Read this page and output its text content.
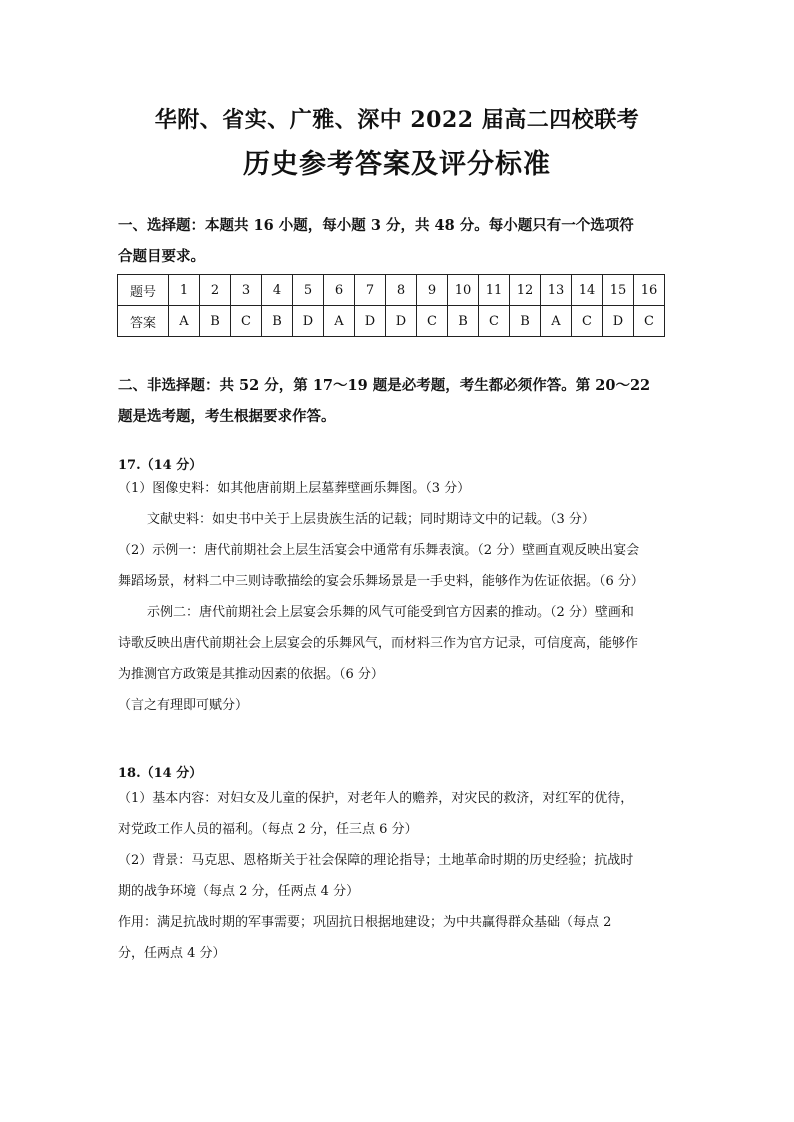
华附、省实、广雅、深中 2022 届高二四校联考
历史参考答案及评分标准
一、选择题：本题共 16 小题，每小题 3 分，共 48 分。每小题只有一个选项符
合题目要求。
题号	1	2	3	4	5	6	7	8	9	10	11	12	13	14	15	16
答案	A	B	C	B	D	A	D	D	C	B	C	B	A	C	D	C
二、非选择题：共 52 分，第 17～19 题是必考题，考生都必须作答。第 20～22
题是选考题，考生根据要求作答。
17.（14 分）
（1）图像史料：如其他唐前期上层墓葬壁画乐舞图。（3 分）
文献史料：如史书中关于上层贵族生活的记载；同时期诗文中的记载。（3 分）
（2）示例一：唐代前期社会上层生活宴会中通常有乐舞表演。（2 分）壁画直观反映出宴会
舞蹈场景，材料二中三则诗歌描绘的宴会乐舞场景是一手史料，能够作为佐证依据。（6 分）
示例二：唐代前期社会上层宴会乐舞的风气可能受到官方因素的推动。（2 分）壁画和
诗歌反映出唐代前期社会上层宴会的乐舞风气，而材料三作为官方记录，可信度高，能够作
为推测官方政策是其推动因素的依据。（6 分）
（言之有理即可赋分）
18.（14 分）
（1）基本内容：对妇女及儿童的保护，对老年人的赡养，对灾民的救济，对红军的优待，
对党政工作人员的福利。（每点 2 分，任三点 6 分）
（2）背景：马克思、恩格斯关于社会保障的理论指导；土地革命时期的历史经验；抗战时
期的战争环境（每点 2 分，任两点 4 分）
作用：满足抗战时期的军事需要；巩固抗日根据地建设；为中共赢得群众基础（每点 2
分，任两点 4 分）
